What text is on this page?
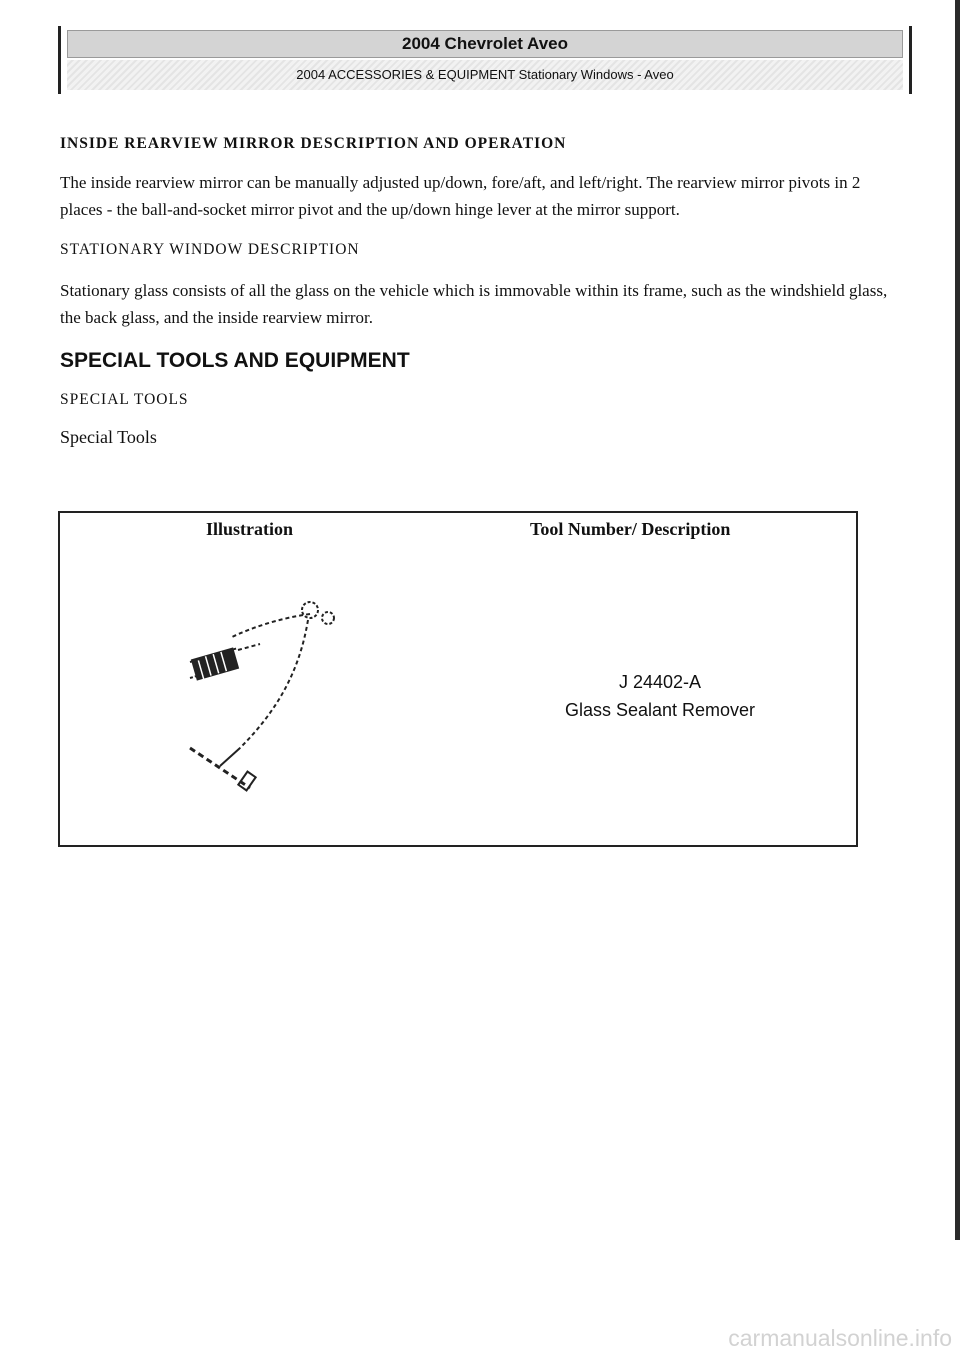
2004 Chevrolet Aveo
2004 ACCESSORIES & EQUIPMENT Stationary Windows - Aveo

INSIDE REARVIEW MIRROR DESCRIPTION AND OPERATION

The inside rearview mirror can be manually adjusted up/down, fore/aft, and left/right. The rearview mirror pivots in 2 places - the ball-and-socket mirror pivot and the up/down hinge lever at the mirror support.

STATIONARY WINDOW DESCRIPTION

Stationary glass consists of all the glass on the vehicle which is immovable within its frame, such as the windshield glass, the back glass, and the inside rearview mirror.

SPECIAL TOOLS AND EQUIPMENT

SPECIAL TOOLS

Special Tools

Illustration	Tool Number/ Description
J 24402-A
Glass Sealant Remover
carmanualsonline.info
